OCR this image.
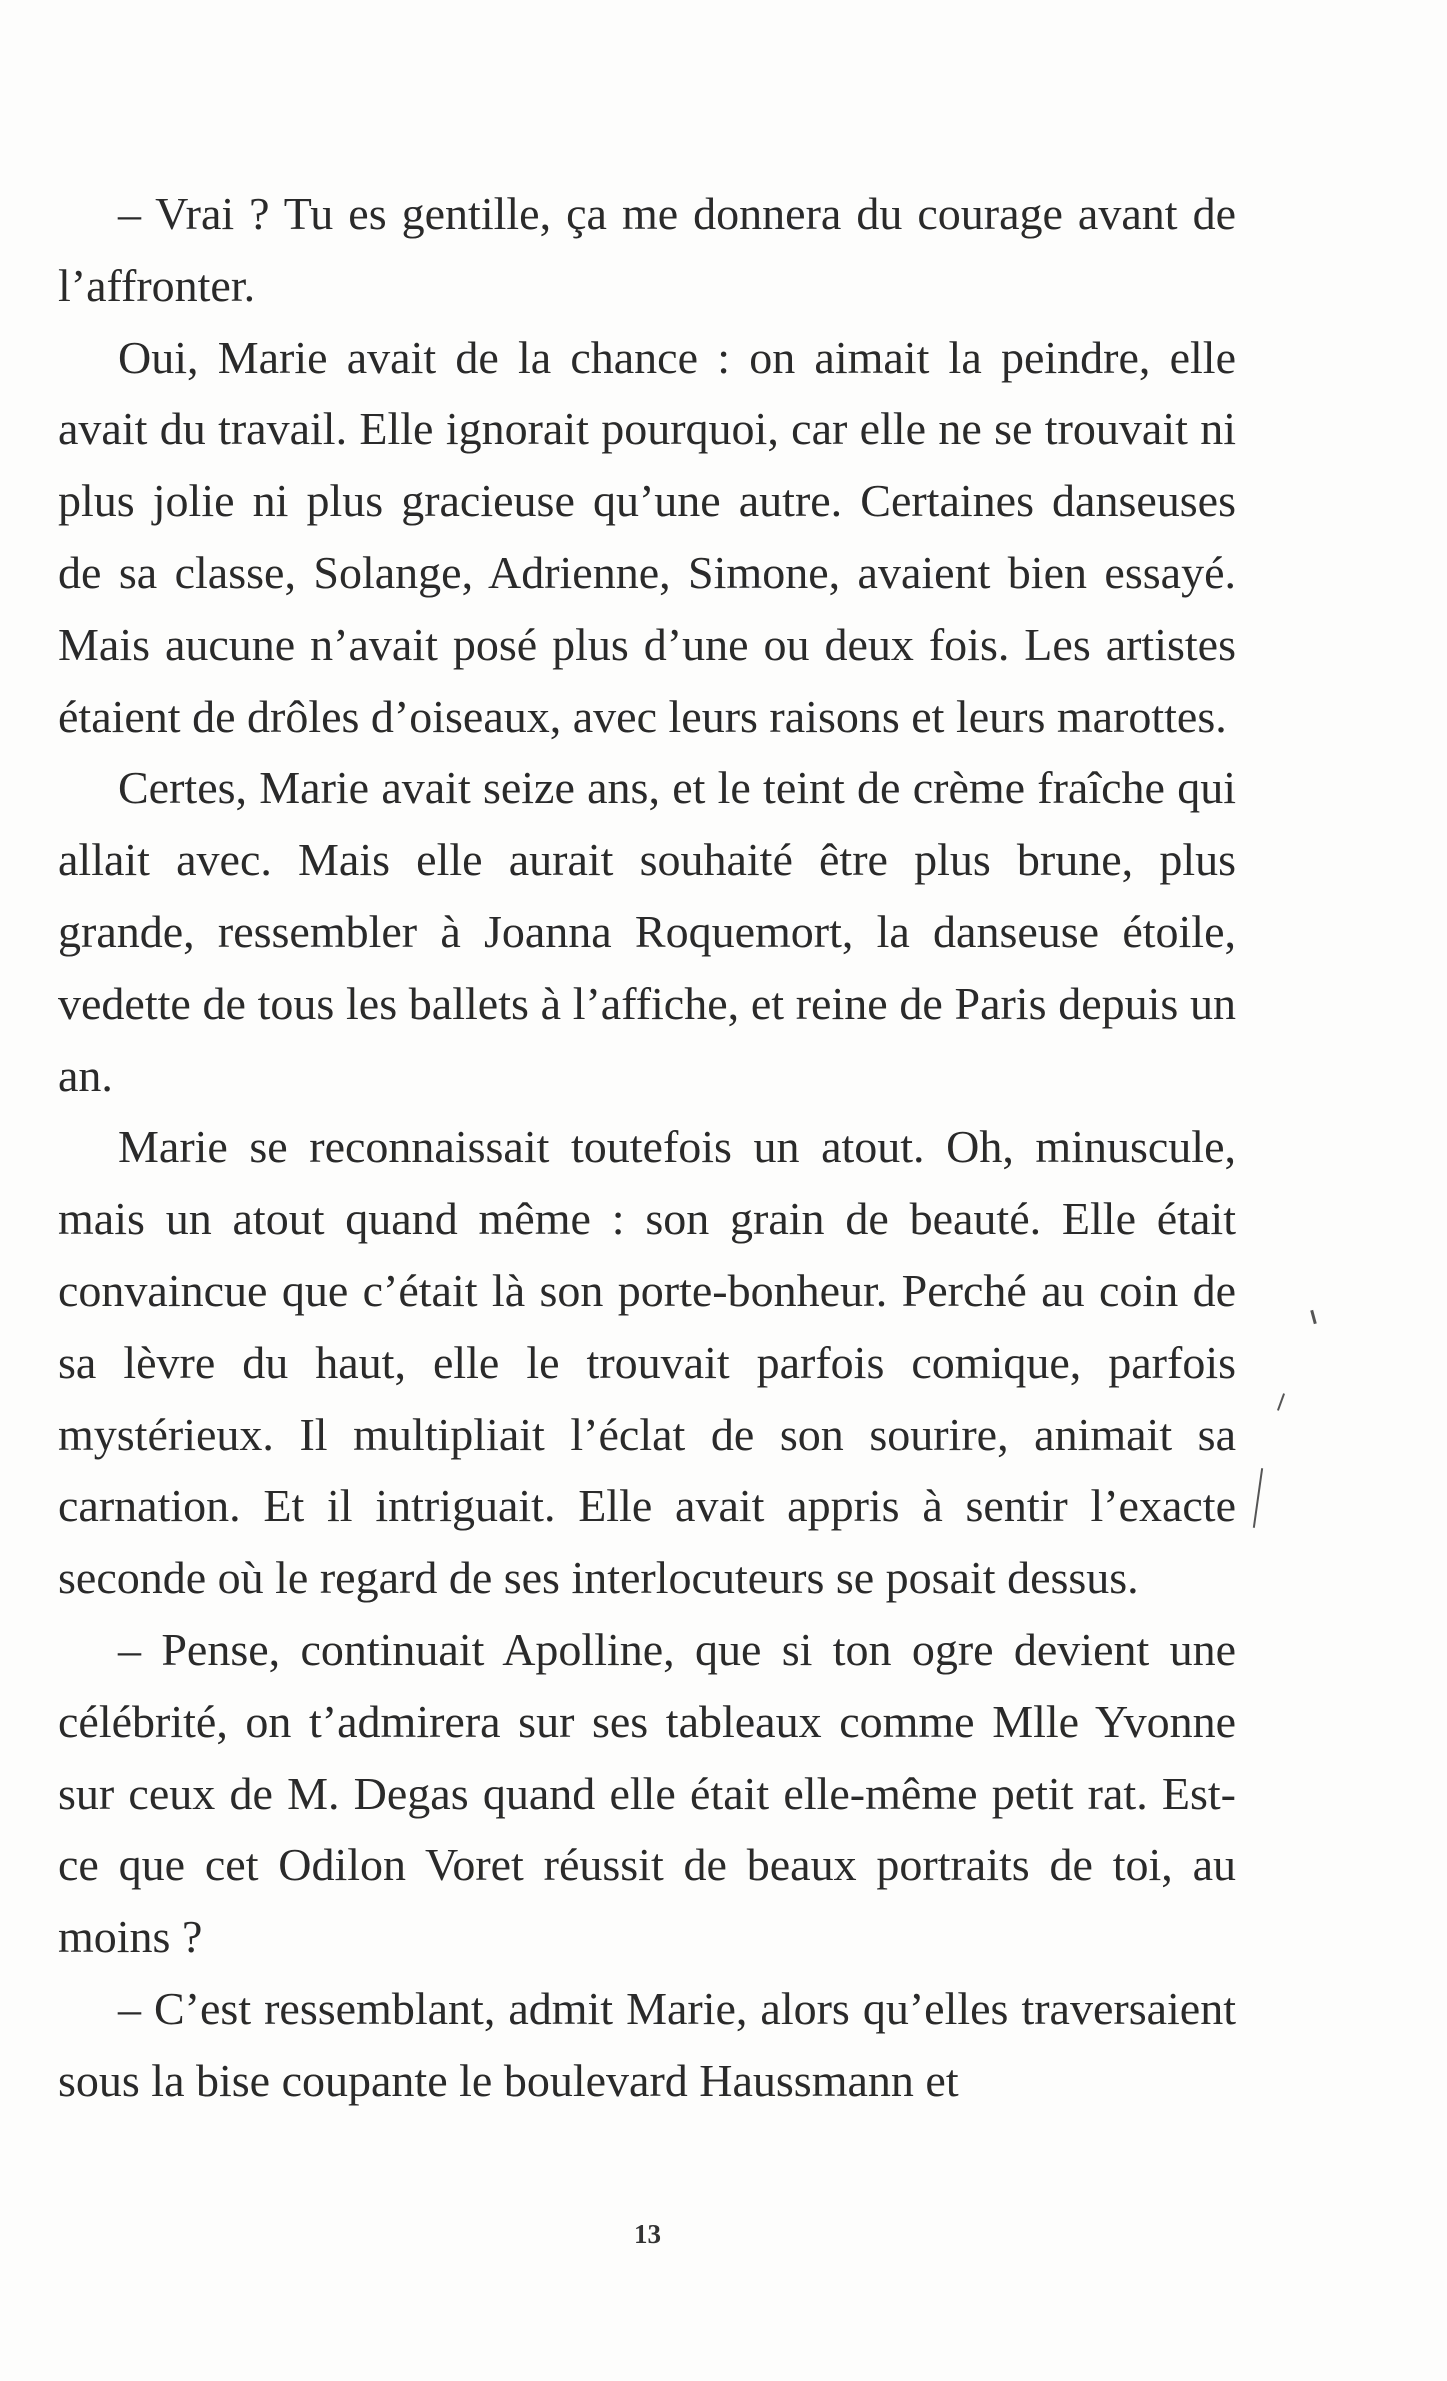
– Vrai ? Tu es gentille, ça me donnera du courage avant de l’affronter.

Oui, Marie avait de la chance : on aimait la peindre, elle avait du travail. Elle ignorait pourquoi, car elle ne se trouvait ni plus jolie ni plus gracieuse qu’une autre. Certaines danseuses de sa classe, Solange, Adrienne, Simone, avaient bien essayé. Mais aucune n’avait posé plus d’une ou deux fois. Les artistes étaient de drôles d’oiseaux, avec leurs raisons et leurs marottes.

Certes, Marie avait seize ans, et le teint de crème fraîche qui allait avec. Mais elle aurait souhaité être plus brune, plus grande, ressembler à Joanna Roquemort, la danseuse étoile, vedette de tous les ballets à l’affiche, et reine de Paris depuis un an.

Marie se reconnaissait toutefois un atout. Oh, minuscule, mais un atout quand même : son grain de beauté. Elle était convaincue que c’était là son porte-bonheur. Perché au coin de sa lèvre du haut, elle le trouvait parfois comique, parfois mystérieux. Il multipliait l’éclat de son sourire, animait sa carnation. Et il intriguait. Elle avait appris à sentir l’exacte seconde où le regard de ses interlocuteurs se posait dessus.

– Pense, continuait Apolline, que si ton ogre devient une célébrité, on t’admirera sur ses tableaux comme Mlle Yvonne sur ceux de M. Degas quand elle était elle-même petit rat. Est-ce que cet Odilon Voret réussit de beaux portraits de toi, au moins ?

– C’est ressemblant, admit Marie, alors qu’elles traversaient sous la bise coupante le boulevard Haussmann et

13
